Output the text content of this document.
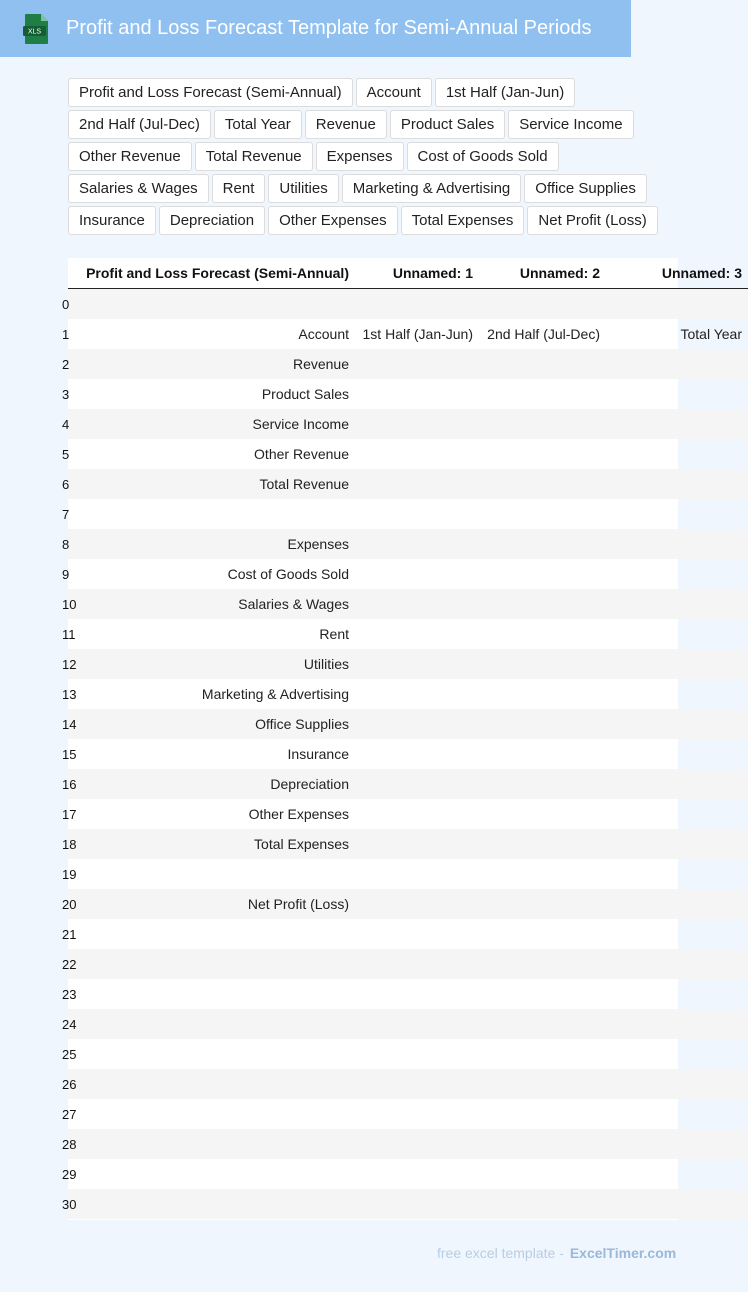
XLS Profit and Loss Forecast Template for Semi-Annual Periods
Profit and Loss Forecast (Semi-Annual)	Account	1st Half (Jan-Jun)
2nd Half (Jul-Dec)	Total Year	Revenue	Product Sales	Service Income
Other Revenue	Total Revenue	Expenses	Cost of Goods Sold
Salaries & Wages	Rent	Utilities	Marketing & Advertising	Office Supplies
Insurance	Depreciation	Other Expenses	Total Expenses	Net Profit (Loss)
	Profit and Loss Forecast (Semi-Annual)	Unnamed: 1	Unnamed: 2	Unnamed: 3
0				
1	Account	1st Half (Jan-Jun)	2nd Half (Jul-Dec)	Total Year
2	Revenue			
3	Product Sales			
4	Service Income			
5	Other Revenue			
6	Total Revenue			
7				
8	Expenses			
9	Cost of Goods Sold			
10	Salaries & Wages			
11	Rent			
12	Utilities			
13	Marketing & Advertising			
14	Office Supplies			
15	Insurance			
16	Depreciation			
17	Other Expenses			
18	Total Expenses			
19				
20	Net Profit (Loss)			
21				
22				
23				
24				
25				
26				
27				
28				
29				
30				
free excel template - ExcelTimer.com
